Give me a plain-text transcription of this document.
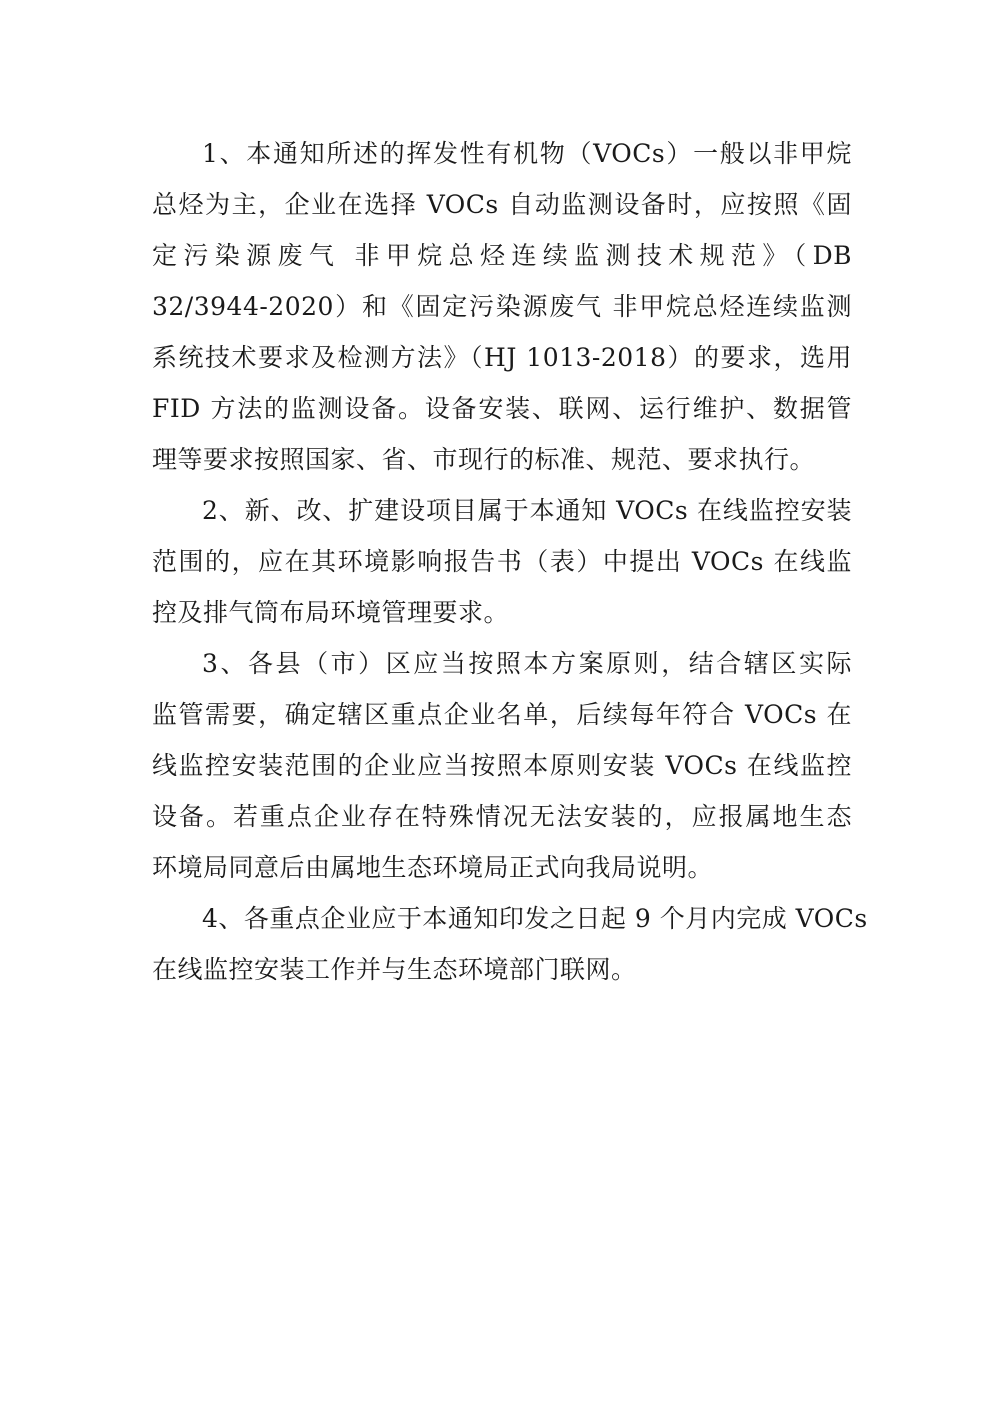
1、本通知所述的挥发性有机物（VOCs）一般以非甲烷
总烃为主，企业在选择 VOCs 自动监测设备时，应按照《固
定污染源废气 非甲烷总烃连续监测技术规范》（DB
32/3944-2020）和《固定污染源废气 非甲烷总烃连续监测
系统技术要求及检测方法》（HJ 1013-2018）的要求，选用
FID 方法的监测设备。设备安装、联网、运行维护、数据管
理等要求按照国家、省、市现行的标准、规范、要求执行。
2、新、改、扩建设项目属于本通知 VOCs 在线监控安装
范围的，应在其环境影响报告书（表）中提出 VOCs 在线监
控及排气筒布局环境管理要求。
3、各县（市）区应当按照本方案原则，结合辖区实际
监管需要，确定辖区重点企业名单，后续每年符合 VOCs 在
线监控安装范围的企业应当按照本原则安装 VOCs 在线监控
设备。若重点企业存在特殊情况无法安装的，应报属地生态
环境局同意后由属地生态环境局正式向我局说明。
4、各重点企业应于本通知印发之日起 9 个月内完成 VOCs
在线监控安装工作并与生态环境部门联网。
